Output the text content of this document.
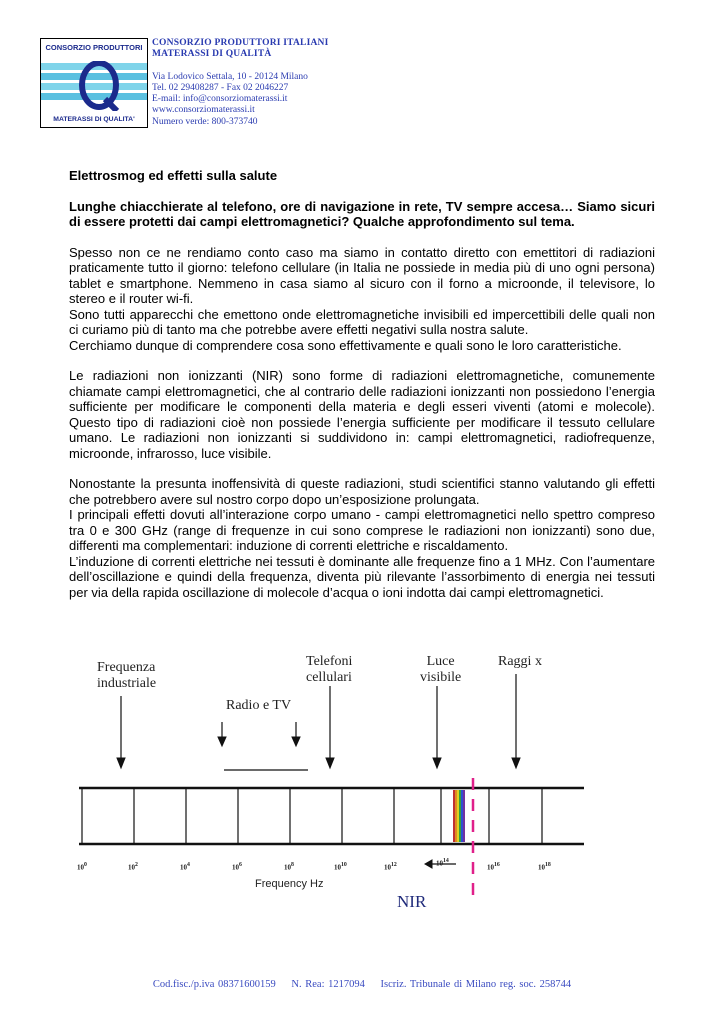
CONSORZIO PRODUTTORI
MATERASSI DI QUALITA'
CONSORZIO PRODUTTORI ITALIANI
MATERASSI DI QUALITÀ
Via Lodovico Settala, 10 - 20124 Milano
Tel. 02 29408287 - Fax 02 2046227
E-mail: info@consorziomaterassi.it
www.consorziomaterassi.it
Numero verde: 800-373740

Elettrosmog ed effetti sulla salute

Lunghe chiacchierate al telefono, ore di navigazione in rete, TV sempre accesa… Siamo sicuri di essere protetti dai campi elettromagnetici? Qualche approfondimento sul tema.

Spesso non ce ne rendiamo conto caso ma siamo in contatto diretto con emettitori di radiazioni praticamente tutto il giorno: telefono cellulare (in Italia ne possiede in media più di uno ogni persona) tablet e smartphone. Nemmeno in casa siamo al sicuro con il forno a microonde, il televisore, lo stereo e il router wi-fi.

Sono tutti apparecchi che emettono onde elettromagnetiche invisibili ed impercettibili delle quali non ci curiamo più di tanto ma che potrebbe avere effetti negativi sulla nostra salute.

Cerchiamo dunque di comprendere cosa sono effettivamente e quali sono le loro caratteristiche.

Le radiazioni non ionizzanti (NIR) sono forme di radiazioni elettromagnetiche, comunemente chiamate campi elettromagnetici, che al contrario delle radiazioni ionizzanti non possiedono l’energia sufficiente per modificare le componenti della materia e degli esseri viventi (atomi e molecole). Questo tipo di radiazioni cioè non possiede l’energia sufficiente per modificare il tessuto cellulare umano. Le radiazioni non ionizzanti si suddividono in: campi elettromagnetici, radiofrequenze, microonde, infrarosso, luce visibile.

Nonostante la presunta inoffensività di queste radiazioni, studi scientifici stanno valutando gli effetti che potrebbero avere sul nostro corpo dopo un’esposizione prolungata.

I principali effetti dovuti all’interazione corpo umano - campi elettromagnetici nello spettro compreso tra 0 e 300 GHz (range di frequenze in cui sono comprese le radiazioni non ionizzanti) sono due, differenti ma complementari: induzione di correnti elettriche e riscaldamento.

L’induzione di correnti elettriche nei tessuti è dominante alle frequenze fino a 1 MHz. Con l’aumentare dell’oscillazione e quindi della frequenza, diventa più rilevante l’assorbimento di energia nei tessuti per via della rapida oscillazione di molecole d’acqua o ioni indotta dai campi elettromagnetici.

Frequenza
industriale
Radio e TV
Telefoni
cellulari
Luce
visibile
Raggi x
$10^0$	$10^2$	$10^4$	$10^6$	$10^8$	$10^{10}$	$10^{12}$	$10^{14}$
$10^{16}$	$10^{18}$
Frequency Hz
NIR
Cod.fisc./p.iva 08371600159 N. Rea: 1217094 Iscriz. Tribunale di Milano reg. soc. 258744
